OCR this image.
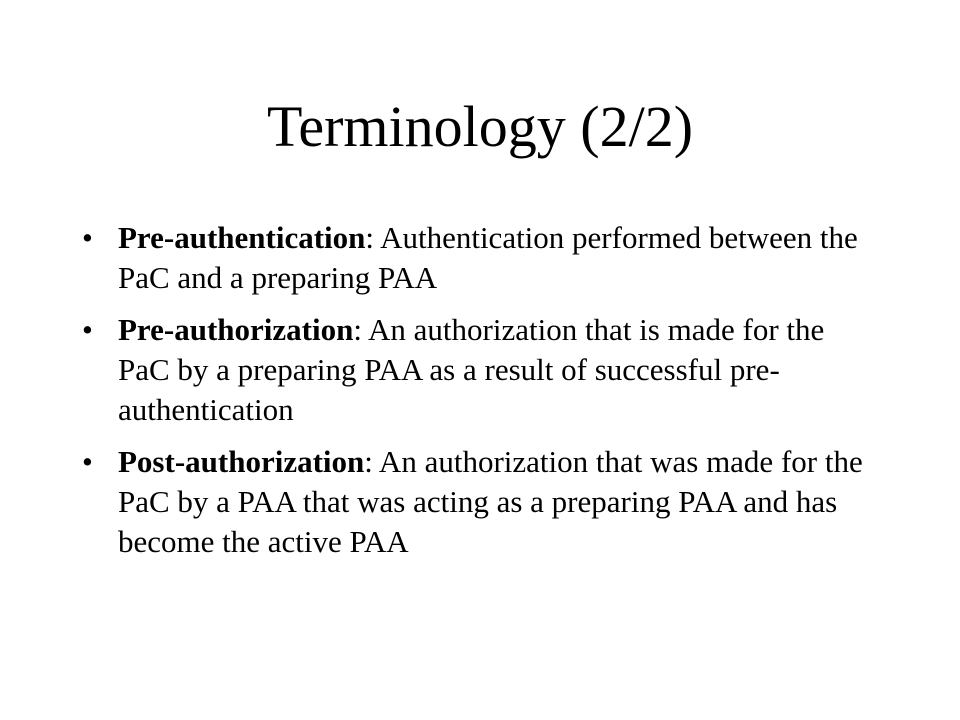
Terminology (2/2)
• Pre-authentication: Authentication performed between the PaC and a preparing PAA
• Pre-authorization: An authorization that is made for the PaC by a preparing PAA as a result of successful pre-authentication
• Post-authorization: An authorization that was made for the PaC by a PAA that was acting as a preparing PAA and has become the active PAA
